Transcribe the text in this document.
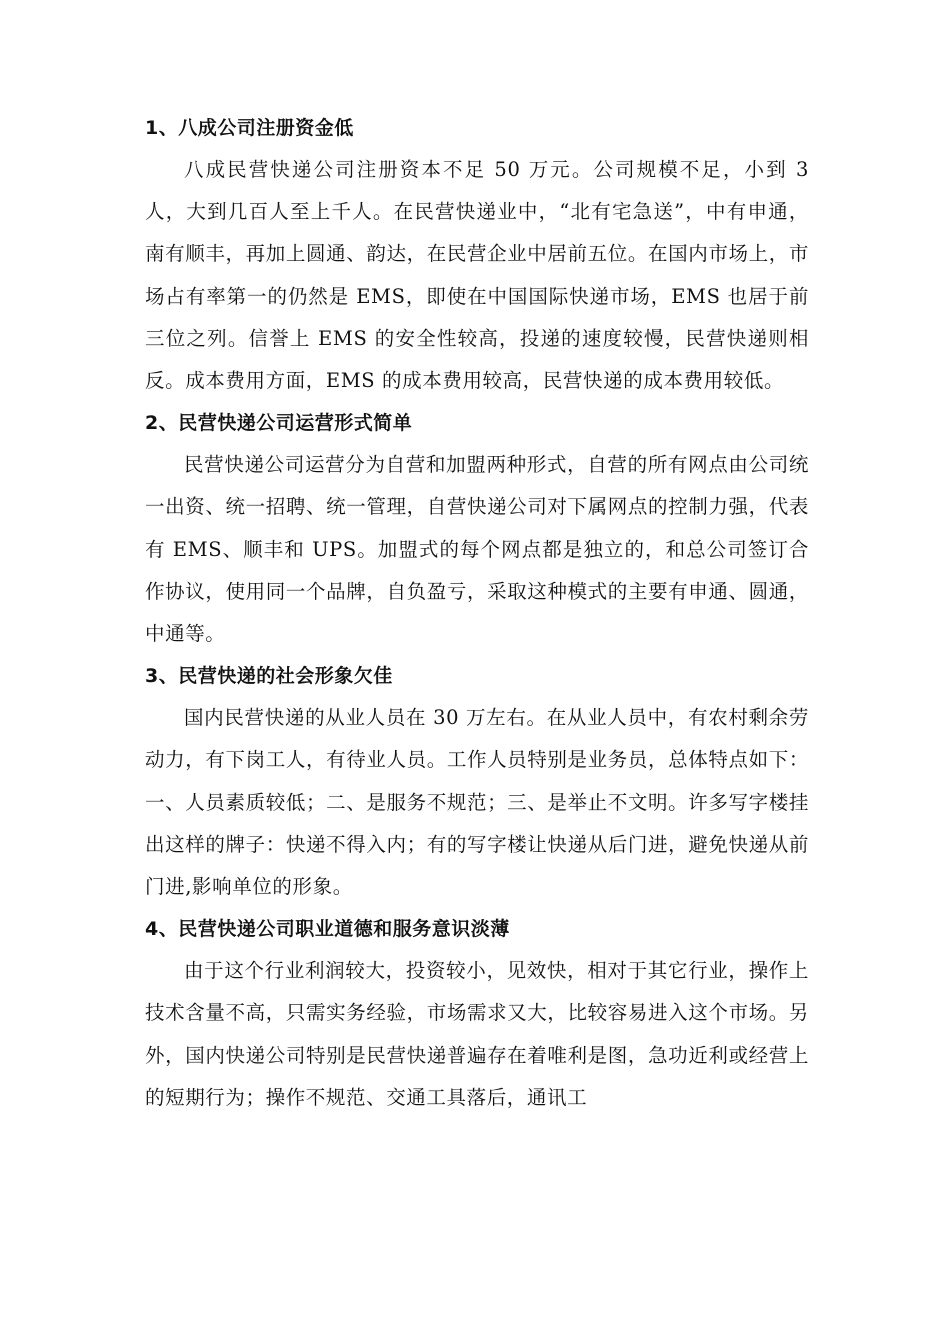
1、八成公司注册资金低

八成民营快递公司注册资本不足 50 万元。公司规模不足，小到 3 人，大到几百人至上千人。在民营快递业中，“北有宅急送”，中有申通，南有顺丰，再加上圆通、韵达，在民营企业中居前五位。在国内市场上，市场占有率第一的仍然是 EMS，即使在中国国际快递市场，EMS 也居于前三位之列。信誉上 EMS 的安全性较高，投递的速度较慢，民营快递则相反。成本费用方面，EMS 的成本费用较高，民营快递的成本费用较低。

2、民营快递公司运营形式简单

民营快递公司运营分为自营和加盟两种形式，自营的所有网点由公司统一出资、统一招聘、统一管理，自营快递公司对下属网点的控制力强，代表有 EMS、顺丰和 UPS。加盟式的每个网点都是独立的，和总公司签订合作协议，使用同一个品牌，自负盈亏，采取这种模式的主要有申通、圆通，中通等。

3、民营快递的社会形象欠佳

国内民营快递的从业人员在 30 万左右。在从业人员中，有农村剩余劳动力，有下岗工人，有待业人员。工作人员特别是业务员，总体特点如下：一、人员素质较低；二、是服务不规范；三、是举止不文明。许多写字楼挂出这样的牌子：快递不得入内；有的写字楼让快递从后门进，避免快递从前门进,影响单位的形象。

4、民营快递公司职业道德和服务意识淡薄

由于这个行业利润较大，投资较小，见效快，相对于其它行业，操作上技术含量不高，只需实务经验，市场需求又大，比较容易进入这个市场。另外，国内快递公司特别是民营快递普遍存在着唯利是图，急功近利或经营上的短期行为；操作不规范、交通工具落后，通讯工
